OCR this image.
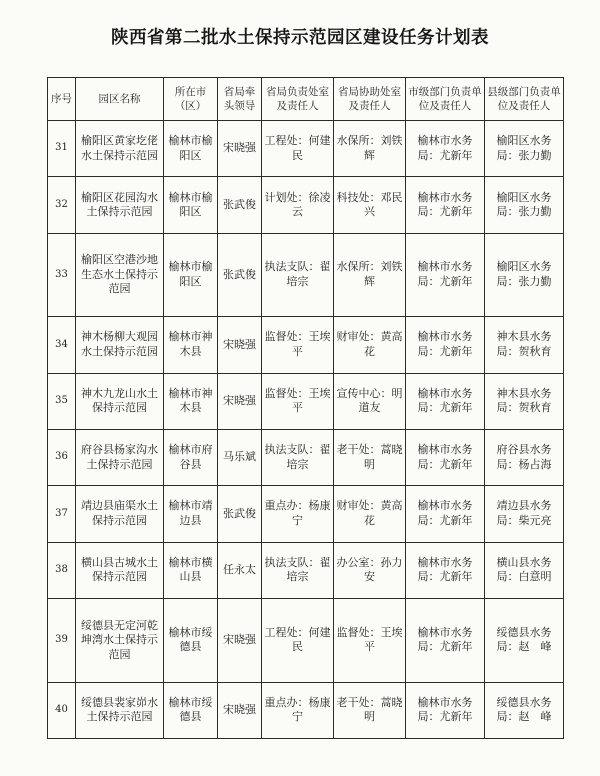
陕西省第二批水土保持示范园区建设任务计划表
序号	园区名称	所在市（区）	省局牵头领导	省局负责处室及责任人	省局协助处室及责任人	市级部门负责单位及责任人	县级部门负责单位及责任人
31	榆阳区黄家圪佬水土保持示范园	榆林市榆阳区	宋晓强	工程处：何建民	水保所：刘铁辉	榆林市水务局：尤新年	榆阳区水务局：张力勤
32	榆阳区花园沟水土保持示范园	榆林市榆阳区	张武俊	计划处：徐凌云	科技处：邓民兴	榆林市水务局：尤新年	榆阳区水务局：张力勤
33	榆阳区空港沙地生态水土保持示范园	榆林市榆阳区	张武俊	执法支队：翟培宗	水保所：刘铁辉	榆林市水务局：尤新年	榆阳区水务局：张力勤
34	神木杨柳大观园水土保持示范园	榆林市神木县	宋晓强	监督处：王埃平	财审处：黄高花	榆林市水务局：尤新年	神木县水务局：贺秋育
35	神木九龙山水土保持示范园	榆林市神木县	宋晓强	监督处：王埃平	宣传中心：明道友	榆林市水务局：尤新年	神木县水务局：贺秋育
36	府谷县杨家沟水土保持示范园	榆林市府谷县	马乐斌	执法支队：翟培宗	老干处：蒿晓明	榆林市水务局：尤新年	府谷县水务局：杨占海
37	靖边县庙渠水土保持示范园	榆林市靖边县	张武俊	重点办：杨康宁	财审处：黄高花	榆林市水务局：尤新年	靖边县水务局：柴元亮
38	横山县古城水土保持示范园	榆林市横山县	任永太	执法支队：翟培宗	办公室：孙力安	榆林市水务局：尤新年	横山县水务局：白意明
39	绥德县无定河乾坤湾水土保持示范园	榆林市绥德县	宋晓强	工程处：何建民	监督处：王埃平	榆林市水务局：尤新年	绥德县水务局：赵　峰
40	绥德县裴家峁水土保持示范园	榆林市绥德县	宋晓强	重点办：杨康宁	老干处：蒿晓明	榆林市水务局：尤新年	绥德县水务局：赵　峰
